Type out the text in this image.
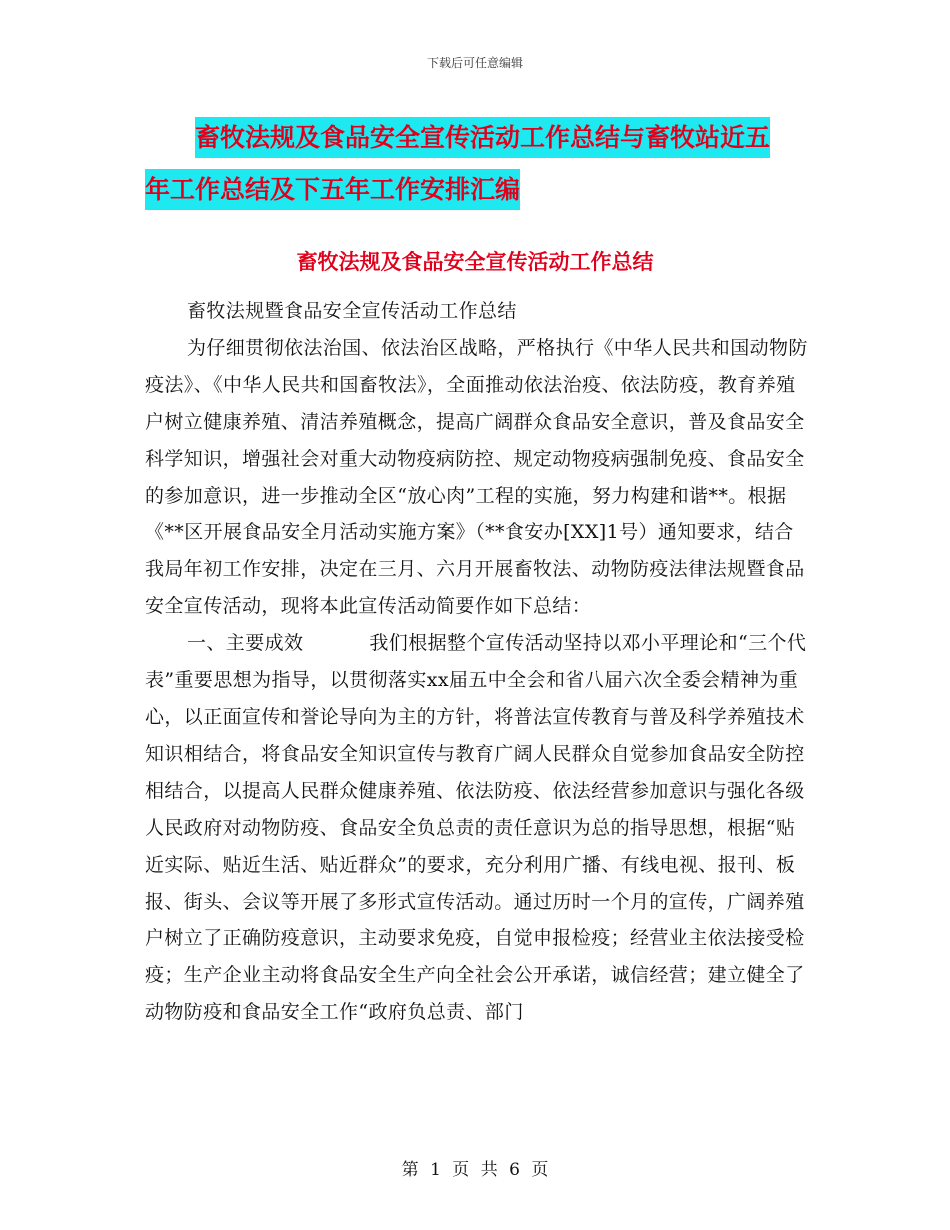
下载后可任意编辑
畜牧法规及食品安全宣传活动工作总结与畜牧站近五
年工作总结及下五年工作安排汇编
畜牧法规及食品安全宣传活动工作总结

畜牧法规暨食品安全宣传活动工作总结

为仔细贯彻依法治国、依法治区战略，严格执行《中华人民共和国动物防疫法》、《中华人民共和国畜牧法》，全面推动依法治疫、依法防疫，教育养殖户树立健康养殖、清洁养殖概念，提高广阔群众食品安全意识，普及食品安全科学知识，增强社会对重大动物疫病防控、规定动物疫病强制免疫、食品安全的参加意识，进一步推动全区“放心肉”工程的实施，努力构建和谐**。根据《**区开展食品安全月活动实施方案》（**食安办[XX]1号）通知要求，结合我局年初工作安排，决定在三月、六月开展畜牧法、动物防疫法律法规暨食品安全宣传活动，现将本此宣传活动简要作如下总结：

一、主要成效	我们根据整个宣传活动坚持以邓小平理论和“三个代表”重要思想为指导，以贯彻落实xx届五中全会和省八届六次全委会精神为重心，以正面宣传和誉论导向为主的方针，将普法宣传教育与普及科学养殖技术知识相结合，将食品安全知识宣传与教育广阔人民群众自觉参加食品安全防控相结合，以提高人民群众健康养殖、依法防疫、依法经营参加意识与强化各级人民政府对动物防疫、食品安全负总责的责任意识为总的指导思想，根据“贴近实际、贴近生活、贴近群众”的要求，充分利用广播、有线电视、报刊、板报、街头、会议等开展了多形式宣传活动。通过历时一个月的宣传，广阔养殖户树立了正确防疫意识，主动要求免疫，自觉申报检疫；经营业主依法接受检疫；生产企业主动将食品安全生产向全社会公开承诺，诚信经营；建立健全了动物防疫和食品安全工作“政府负总责、部门

第 1 页 共 6 页
